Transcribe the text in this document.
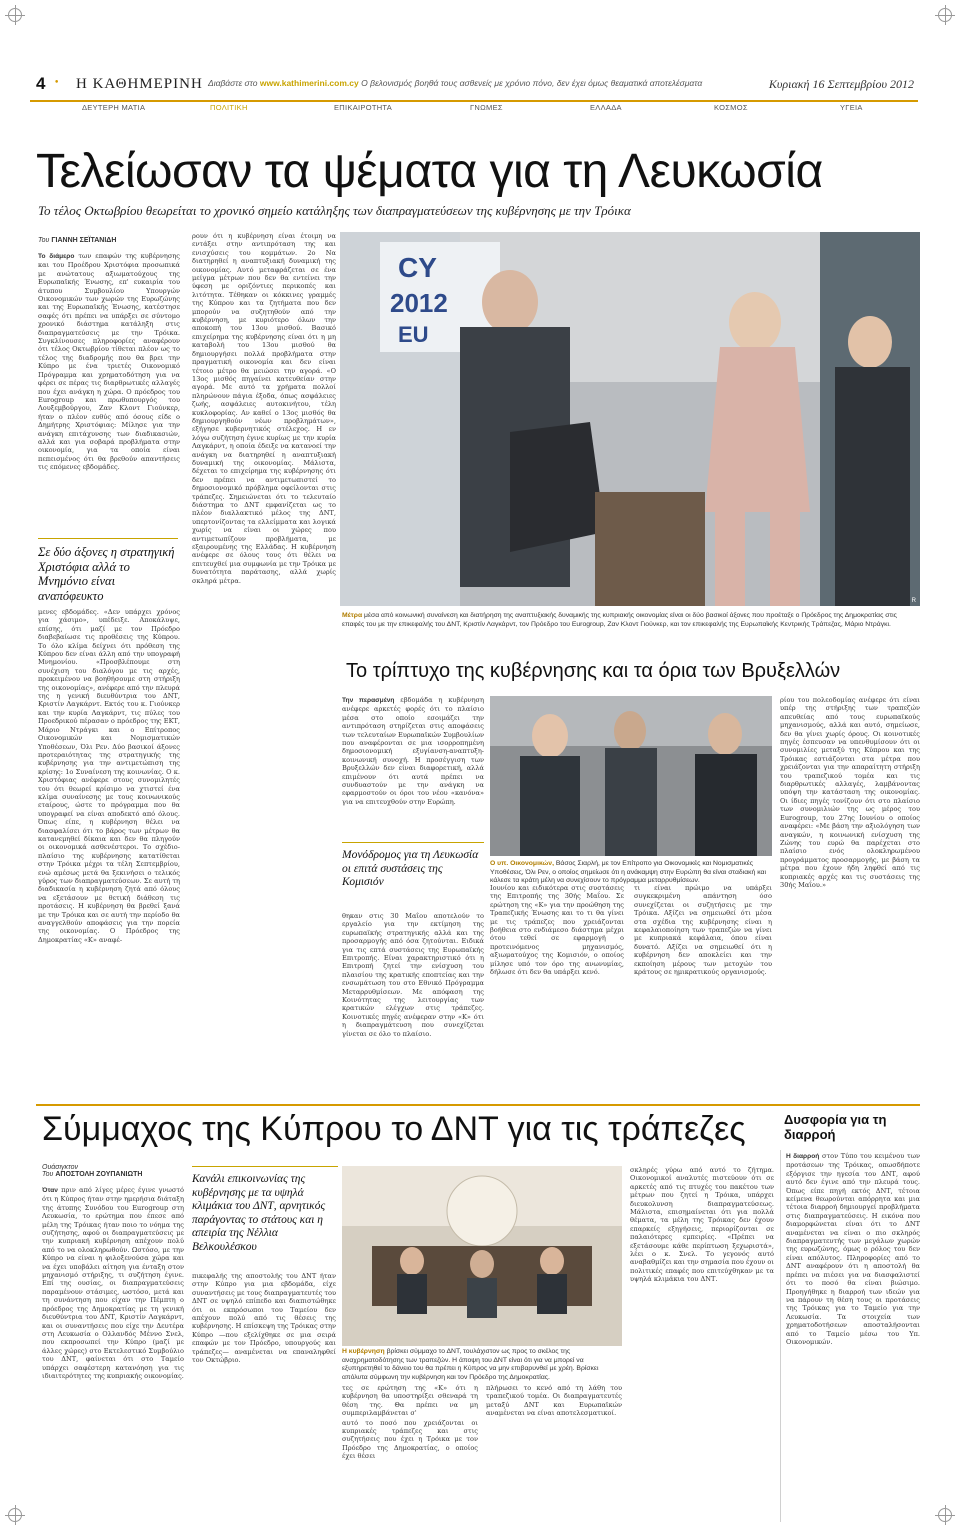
4 • Η ΚΑΘΗΜΕΡΙΝΗ Διαβάστε στο www.kathimerini.com.cy Ο βελονισμός βοηθά τους ασθενείς με χρόνιο πόνο, δεν έχει όμως θεαματικά αποτελέσματα	Κυριακή 16 Σεπτεμβρίου 2012
ΔΕΥΤΕΡΗ ΜΑΤΙΑ	ΠΟΛΙΤΙΚΗ	ΕΠΙΚΑΙΡΟΤΗΤΑ	ΓΝΩΜΕΣ	ΕΛΛΑΔΑ	ΚΟΣΜΟΣ	ΥΓΕΙΑ
Τελείωσαν τα ψέματα για τη Λευκωσία
Το τέλος Οκτωβρίου θεωρείται το χρονικό σημείο κατάληξης των διαπραγματεύσεων της κυβέρνησης με την Τρόικα
Του ΓΙΑΝΝΗ ΣΕΪΤΑΝΙΔΗ

Το διάμερο των επαφών της κυβέρνησης και του Προέδρου Χριστόφια προσωπικά με ανώτατους αξιωματούχους της Ευρωπαϊκής Ένωσης, επ' ευκαιρία του άτυπου Συμβουλίου Υπουργών Οικονομικών των χωρών της Ευρωζώνης και της Ευρωπαϊκής Ένωσης, κατέστησε σαφές ότι πρέπει να υπάρξει σε σύντομο χρονικό διάστημα κατάληξη στις διαπραγματεύσεις με την Τρόικα. Συγκλίνουσες πληροφορίες αναφέρουν ότι τέλος Οκτωβρίου τίθεται πλέον ως το τέλος της διαδρομής που θα βρει την Κύπρο με ένα τριετές Οικονομικό Πρόγραμμα και χρηματοδότηση για να φέρει σε πέρας τις διαρθρωτικές αλλαγές που έχει ανάγκη η χώρα. Ο πρόεδρος του Eurogroup και πρωθυπουργός του Λουξεμβούργου, Ζαν Κλοντ Γιούνκερ, ήταν ο πλέον ευθύς από όσους είδε ο Δημήτρης Χριστόφιας: Μίλησε για την ανάγκη επιτάχυνσης των διαδικασιών, αλλά και για σοβαρά προβλήματα στην οικονομία, για τα οποία είναι πεπεισμένος ότι θα βρεθούν απαντήσεις τις επόμενες εβδομάδες.

Σε δύο άξονες η στρατηγική Χριστόφια αλλά το Μνημόνιο είναι αναπόφευκτο

μενες εβδομάδες. «Δεν υπάρχει χρόνος για χάσιμο», υπέδειξε. Αποκάλυψε, επίσης, ότι μαζί με τον Πρόεδρο διαβεβαίωσε τις προθέσεις της Κύπρου. Το όλο κλίμα δείχνει ότι πρόθεση της Κύπρου δεν είναι άλλη από την υπογραφή Μνημονίου. «Προσβλέπουμε στη συνέχιση του διαλόγου με τις αρχές, προκειμένου να βοηθήσουμε στη στήριξη της οικονομίας», ανέφερε από την πλευρά της η γενική διευθύντρια του ΔΝΤ, Κριστίν Λαγκάρντ. Εκτός του κ. Γιούνκερ και την κυρία Λαγκάρντ, τις πύλες του Προεδρικού πέρασαν ο πρόεδρος της ΕΚΤ, Μάριο Ντράγκι και ο Επίτροπος Οικονομικών και Νομισματικών Υποθέσεων, Όλι Ρεν. Δύο βασικοί άξονες προτεραιότητας της στρατηγικής της κυβέρνησης για την αντιμετώπιση της κρίσης: 1ο Συναίνεση της κοινωνίας. Ο κ. Χριστόφιας ανέφερε στους συνομιλητές του ότι θεωρεί κρίσιμο να χτιστεί ένα κλίμα συναίνεσης με τους κοινωνικούς εταίρους, ώστε το πρόγραμμα που θα υπογραφεί να είναι αποδεκτό από όλους. Όπως είπε, η κυβέρνηση θέλει να διασφαλίσει ότι το βάρος των μέτρων θα κατανεμηθεί δίκαια και δεν θα πληγούν οι οικονομικά ασθενέστεροι. Το σχέδιο-πλαίσιο της κυβέρνησης κατατίθεται στην Τρόικα μέχρι τα τέλη Σεπτεμβρίου, ενώ αμέσως μετά θα ξεκινήσει ο τελικός γύρος των διαπραγματεύσεων. Σε αυτή τη διαδικασία η κυβέρνηση ζητά από όλους να εξετάσουν με θετική διάθεση τις προτάσεις. Η κυβέρνηση θα βρεθεί ξανά με την Τρόικα και σε αυτή την περίοδο θα αναγγελθούν αποφάσεις για την πορεία της οικονομίας. Ο Πρόεδρος της Δημοκρατίας «Κ» αναφέ-

ρουν ότι η κυβέρνηση είναι έτοιμη να εντάξει στην αντιπρόταση της και ενισχύσεις του κομμάτων. 2ο Να διατηρηθεί η αναπτυξιακή δυναμική της οικονομίας. Αυτό μεταφράζεται σε ένα μείγμα μέτρων που δεν θα εντείνει την ύφεση με οριζόντιες περικοπές και λιτότητα. Τέθηκαν οι κόκκινες γραμμές της Κύπρου και τα ζητήματα που δεν μπορούν να συζητηθούν από την κυβέρνηση, με κυριότερο όλων την αποκοπή του 13ου μισθού. Βασικό επιχείρημα της κυβέρνησης είναι ότι η μη καταβολή του 13ου μισθού θα δημιουργήσει πολλά προβλήματα στην πραγματική οικονομία και δεν είναι τέτοιο μέτρο θα μειώσει την αγορά. «Ο 13ος μισθός πηγαίνει κατευθείαν στην αγορά. Με αυτό τα χρήματα πολλοί πληρώνουν πάγια έξοδα, όπως ασφάλειες ζωής, ασφάλειες αυτοκινήτου, τέλη κυκλοφορίας. Αν καθεί ο 13ος μισθός θα δημιουργηθούν νέων προβλημάτων», εξήγησε κυβερνητικός στέλεχος. Η εν λόγω συζήτηση έγινε κυρίως με την κυρία Λαγκάρντ, η οποία έδειξε να κατανοεί την ανάγκη να διατηρηθεί η αναπτυξιακή δυναμική της οικονομίας. Μάλιστα, δέχεται το επιχείρημα της κυβέρνησης ότι δεν πρέπει να αντιμετωπιστεί το δημοσιονομικό πρόβλημα οφείλονται στις τράπεζες. Σημειώνεται ότι το τελευταίο διάστημα το ΔΝΤ εμφανίζεται ως το πλέον διαλλακτικό μέλος της ΔΝΤ, υπερτονίζοντας τα ελλείμματα και λογικά χωρίς να είναι οι χώρες που αντιμετωπίζουν προβλήματα, με εξαιρουμένης της Ελλάδας. Η κυβέρνηση ανέφερε σε όλους τους ότι θέλει να επιτευχθεί μια συμφωνία με την Τρόικα με δυνατότητα παράτασης, αλλά χωρίς σκληρά μέτρα.

CY
2012
EU
R
Μέτρα μέσα από κοινωνική συναίνεση και διατήρηση της αναπτυξιακής δυναμικής της κυπριακής οικονομίας είναι οι δύο βασικοί άξονες που προέταξε ο Πρόεδρος της Δημοκρατίας στις επαφές του με την επικεφαλής του ΔΝΤ, Κριστίν Λαγκάρντ, τον Πρόεδρο του Eurogroup, Ζαν Κλοντ Γιούνκερ, και τον επικεφαλής της Ευρωπαϊκής Κεντρικής Τράπεζας, Μάριο Ντράγκι.
Το τρίπτυχο της κυβέρνησης και τα όρια των Βρυξελλών

Την περασμένη εβδομάδα η κυβέρνηση ανέφερε αρκετές φορές ότι το πλαίσιο μέσα στο οποίο εσοιμάζει την αντιπρόταση στηρίζεται στις αποφάσεις των τελευταίων Ευρωπαϊκών Συμβουλίων που αναφέρονται σε μια ισορροπημένη δημοσιονομική εξυγίανση-αναπτυξη-κοινωνική συνοχή. Η προσέγγιση των Βρυξελλών δεν είναι διαφορετική, αλλά επιμένουν ότι αυτά πρέπει να συνδυαστούν με την ανάγκη να εφαρμοστούν οι όροι του νέου «κανόνα» για να επιτευχθούν στην Ευρώπη.

Μονόδρομος για τη Λευκωσία οι επιτά συστάσεις της Κομισιόν

θηκαν στις 30 Μαΐου αποτελούν το εργαλείο για την εκτίμηση της ευρωπαϊκής στρατηγικής αλλά και της προσαρμογής από όσα ζητούνται. Ειδικά για τις επτά συστάσεις της Ευρωπαϊκής Επιτροπής. Είναι χαρακτηριστικό ότι η Επιτροπή ζητεί την ενίσχυση του πλαισίου της κρατικής εποπτείας και την ενσωμάτωση του στο Εθνικό Πρόγραμμα Μεταρρυθμίσεων. Με απόφαση της Κοινότητας της λειτουργίας των κρατικών ελέγχων στις τράπεζες. Κοινοτικές πηγές ανέφεραν στην «Κ» ότι η διαπραγμάτευση που συνεχίζεται γίνεται σε όλο το πλαίσιο.

Ο υπ. Οικονομικών, Βάσος Σιαρλή, με τον Επίτροπο για Οικονομικές και Νομισματικές Υποθέσεις, Όλι Ρεν, ο οποίος σημείωσε ότι η ανάκαμψη στην Ευρώπη θα είναι σταδιακή και κάλεσε τα κράτη μέλη να συνεχίσουν το πρόγραμμα μεταρρυθμίσεων.

Ιουνίου και ειδικότερα στις συστάσεις της Επιτροπής της 30ής Μαΐου. Σε ερώτηση της «Κ» για την προώθηση της Τραπεζικής Ένωσης και το τι θα γίνει με τις τράπεζες που χρειάζονται βοήθεια στο ενδιάμεσο διάστημα μέχρι ότου τεθεί σε εφαρμογή ο προτεινόμενος μηχανισμός, αξιωματούχος της Κομισιόν, ο οποίος μίλησε υπό τον όρο της ανωνυμίας, δήλωσε ότι δεν θα υπάρξει κενό.

τι είναι πρώιμο να υπάρξει συγκεκριμένη απάντηση όσο συνεχίζεται οι συζητήσεις με την Τρόικα. Αξίζει να σημειωθεί ότι μέσα στα σχέδια της κυβέρνησης είναι η κεφαλαιοποίηση των τραπεζών να γίνει με κυπριακά κεφάλαια, όπου είναι δυνατό. Αξίζει να σημειωθεί ότι η κυβέρνηση δεν αποκλείει και την εκποίηση μέρους των μετοχών του κράτους σε ημικρατικούς οργανισμούς.

ρίου του πολεοδομίας ανέφερε ότι είναι υπέρ της στήριξης των τραπεζών απευθείας από τους ευρωπαϊκούς μηχανισμούς, αλλά και αυτό, σημείωσε, δεν θα γίνει χωρίς όρους. Οι κοινοτικές πηγές έσπευσαν να υπενθυμίσουν ότι οι συνομιλίες μεταξύ της Κύπρου και της Τρόικας εστιάζονται στα μέτρα που χρειάζονται για την απαραίτητη στήριξη του τραπεζικού τομέα και τις διαρθρωτικές αλλαγές, λαμβάνοντας υπόψη την κατάσταση της οικονομίας. Οι ίδιες πηγές τονίζουν ότι στο πλαίσιο των συνομιλιών της ως μέρος του Eurogroup, του 27ης Ιουνίου ο οποίος αναφέρει: «Με βάση την αξιολόγηση των αναγκών, η κοινωνική ενίσχυση της Ζώνης του ευρώ θα παρέχεται στο πλαίσιο ενός ολοκληρωμένου προγράμματος προσαρμογής, με βάση τα μέτρα που έχουν ήδη ληφθεί από τις κυπριακές αρχές και τις συστάσεις της 30ής Μαΐου.»

Σύμμαχος της Κύπρου το ΔΝΤ για τις τράπεζες	Δυσφορία για τη διαρροή
Ουάσιγκτον
Του ΑΠΟΣΤΟΛΗ ΖΟΥΠΑΝΙΩΤΗ

Όταν πριν από λίγες μέρες έγινε γνωστό ότι η Κύπρος ήταν στην ημερήσια διάταξη της άτυπης Συνόδου του Eurogroup στη Λευκωσία, το ερώτημα που έπεσε από μέλη της Τρόικας ήταν ποιο το νόημα της συζήτησης, αφού οι διαπραγματεύσεις με την κυπριακή κυβέρνηση απέχουν πολύ από το να ολοκληρωθούν. Ωστόσο, με την Κύπρο να είναι η φιλοξενούσα χώρα και να έχει υποβάλει αίτηση για ένταξη στον μηχανισμό στήριξης, τι συζήτηση έγινε. Επί της ουσίας, οι διαπραγματεύσεις παραμένουν στάσιμες, ωστόσο, μετά και τη συνάντηση που είχαν την Πέμπτη ο πρόεδρος της Δημοκρατίας με τη γενική διευθύντρια του ΔΝΤ, Κριστίν Λαγκάρντ, και οι συναντήσεις που είχε την Δευτέρα στη Λευκωσία ο Ολλανδός Μέννο Σνελ, που εκπροσωπεί την Κύπρο (μαζί με άλλες χώρες) στο Εκτελεστικό Συμβούλιο του ΔΝΤ, φαίνεται ότι στο Ταμείο υπάρχει σαφέστερη κατανόηση για τις ιδιαιτερότητες της κυπριακής οικονομίας.

Κανάλι επικοινωνίας της κυβέρνησης με τα υψηλά κλιμάκια του ΔΝΤ, αρνητικός παράγοντας το στάτους και η απειρία της Νέλλια Βελκουλέσκου

πικεφαλής της αποστολής του ΔΝΤ ήταν στην Κύπρο για μια εβδομάδα, είχε συναντήσεις με τους διαπραγματευτές του ΔΝΤ σε υψηλό επίπεδο και διαπιστώθηκε ότι οι εκπρόσωποι του Ταμείου δεν απέχουν πολύ από τις θέσεις της κυβέρνησης. Η επίσκεψη της Τρόικας στην Κύπρο —που εξελίχθηκε σε μια σειρά επαφών με τον Πρόεδρο, υπουργούς και τράπεζες— αναμένεται να επαναληφθεί τον Οκτώβριο.

Η κυβέρνηση βρίσκει σύμμαχο το ΔΝΤ, τουλάχιστον ως προς το σκέλος της αναχρηματοδότησης των τραπεζών. Η άποψη του ΔΝΤ είναι ότι για να μπορεί να εξυπηρετηθεί το δάνειο του θα πρέπει η Κύπρος να μην επιβαρυνθεί με χρέη. Βρίσκει απόλυτα σύμφωνη την κυβέρνηση και τον Πρόεδρο της Δημοκρατίας.

τες σε ερώτηση της «Κ» ότι η κυβέρνηση θα υποστηρίξει σθεναρά τη θέση της. Θα πρέπει να μη συμπεριλαμβάνεται σ'

αυτό το ποσό που χρειάζονται οι κυπριακές τράπεζες και στις συζητήσεις που έχει η Τρόικα με τον Πρόεδρο της Δημοκρατίας, ο οποίος έχει θέσει

πλήρωσει το κενό από τη λάθη του τραπεζικού τομέα. Οι διαπραγματευτές μεταξύ ΔΝΤ και Ευρωπαϊκών αναμένεται να είναι αποτελεσματικοί.

σκληρές γύρω από αυτό το ζήτημα. Οικονομικοί αναλυτές πιστεύουν ότι σε αρκετές από τις πτυχές του πακέτου των μέτρων που ζητεί η Τρόικα, υπάρχει διευκολυνση διαπραγματεύσεως. Μάλιστα, επισημαίνεται ότι για πολλά θέματα, τα μέλη της Τρόικας δεν έχουν επαρκείς εξηγήσεις, περιορίζονται σε παλαιότερες εμπειρίες. «Πρέπει να εξετάσουμε κάθε περίπτωση ξεχωριστά», λέει ο κ. Σνελ. Το γεγονός αυτό αναβαθμίζει και την σημασία που έχουν οι πολιτικές επαφές που επιτεύχθηκαν με τα υψηλά κλιμάκια του ΔΝΤ.

Η διαρροή στον Τύπο του κειμένου των προτάσεων της Τρόικας, οπωσδήποτε εξόργισε την ηγεσία του ΔΝΤ, αφού αυτό δεν έγινε από την πλευρά τους. Όπως είπε πηγή εκτός ΔΝΤ, τέτοια κείμενα θεωρούνται απόρρητα και μια τέτοια διαρροή δημιουργεί προβλήματα στις διαπραγματεύσεις. Η εικόνα που διαμορφώνεται είναι ότι το ΔΝΤ αναμένεται να είναι ο πιο σκληρός διαπραγματευτής των μεγάλων χωρών της ευρωζώνης, όμως ο ρόλος του δεν είναι απόλυτος. Πληροφορίες από το ΔΝΤ αναφέρουν ότι η αποστολή θα πρέπει να πιέσει για να διασφαλιστεί ότι το ποσό θα είναι βιώσιμο. Προηγήθηκε η διαρροή των ιδεών για να πάρουν τη θέση τους οι προτάσεις της Τρόικας για το Ταμείο για την Λευκωσία. Τα στοιχεία των χρηματοδοτήσεων αποσταλήσονται από το Ταμείο μέσω του Υπ. Οικονομικών.
